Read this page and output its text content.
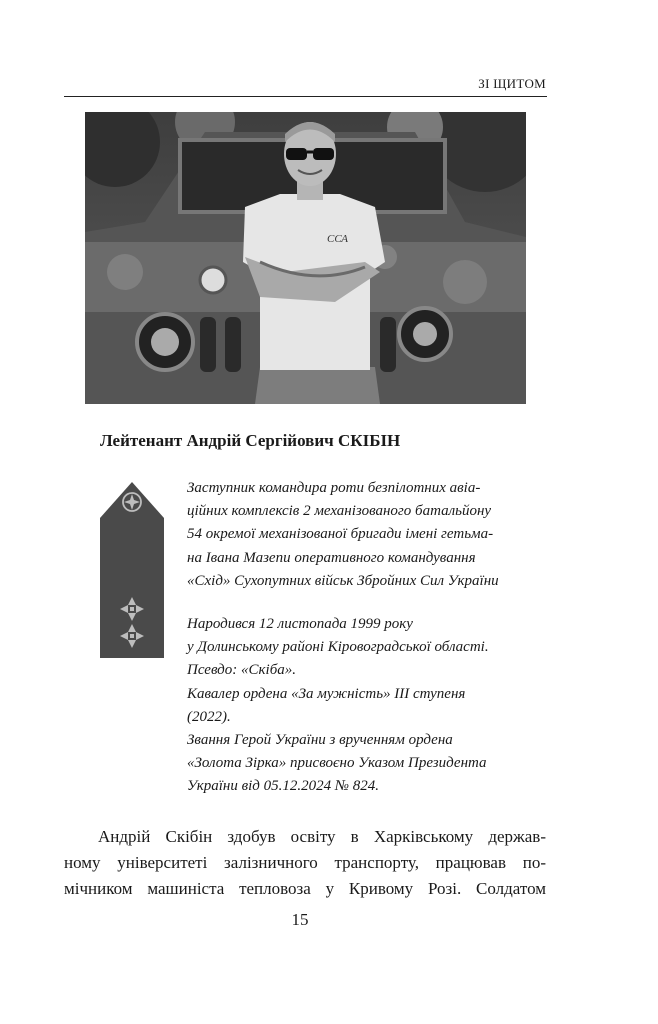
ЗІ ЩИТОМ
ССА
Лейтенант Андрій Сергійович СКІБІН

Заступник командира роти безпілотних авіа-

ційних комплексів 2 механізованого батальйону

54 окремої механізованої бригади імені гетьма-

на Івана Мазепи оперативного командування

«Схід» Сухопутних військ Збройних Сил України

Народився 12 листопада 1999 року

у Долинському районі Кіровоградської області.

Псевдо: «Скіба».

Кавалер ордена «За мужність» ІІІ ступеня

(2022).

Звання Герой України з врученням ордена

«Золота Зірка» присвоєно Указом Президента

України від 05.12.2024 № 824.

Андрій Скібін здобув освіту в Харківському держав-

ному університеті залізничного транспорту, працював по-

мічником машиніста тепловоза у Кривому Розі. Солдатом

15
